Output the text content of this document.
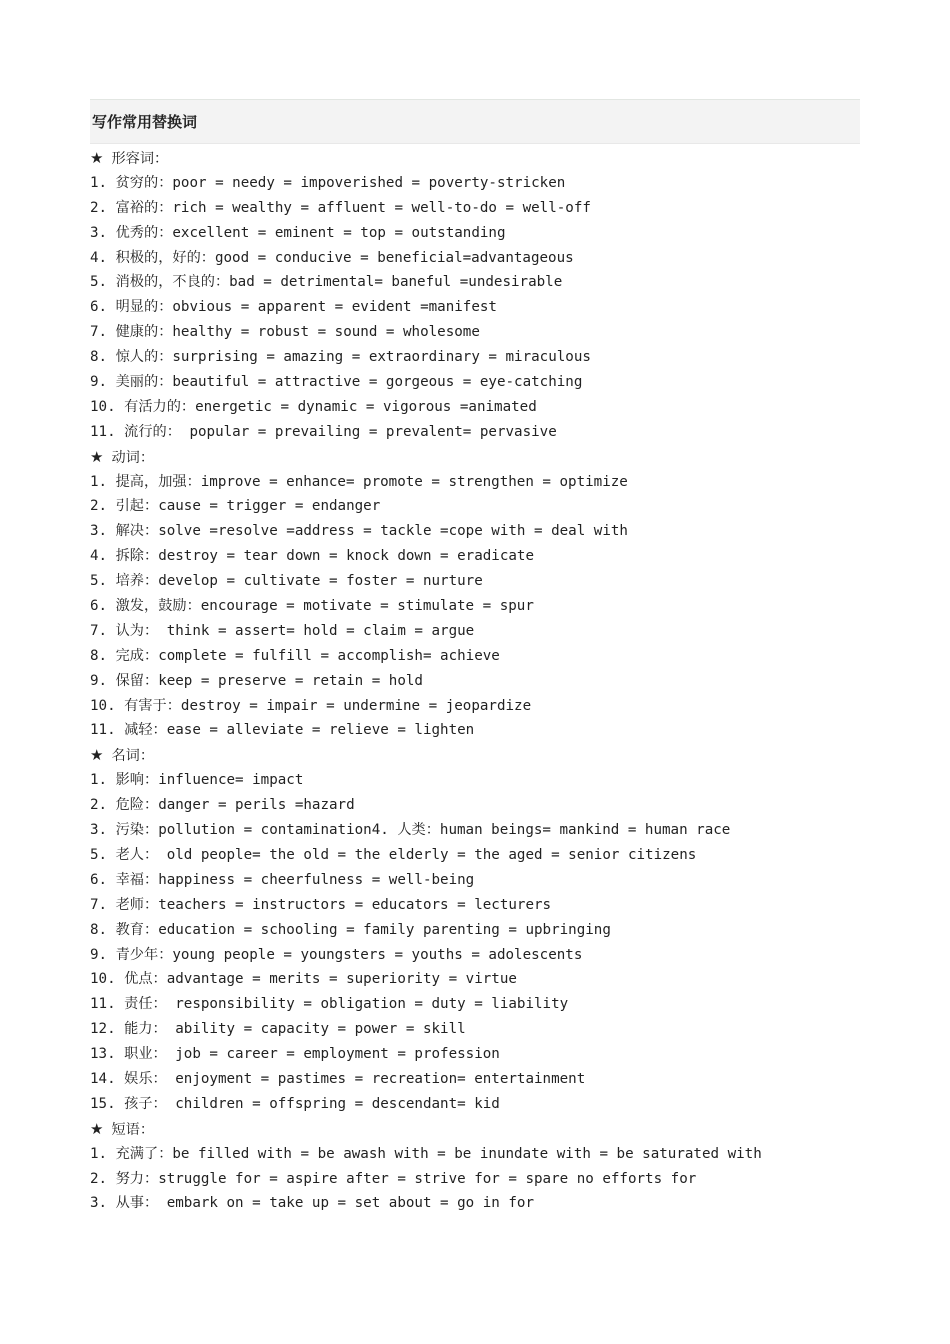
写作常用替换词
★ 形容词：
1. 贫穷的：poor = needy = impoverished = poverty-stricken
2. 富裕的：rich = wealthy = affluent = well-to-do = well-off
3. 优秀的：excellent = eminent = top = outstanding
4. 积极的，好的：good = conducive = beneficial=advantageous
5. 消极的，不良的：bad = detrimental= baneful =undesirable
6. 明显的：obvious = apparent = evident =manifest
7. 健康的：healthy = robust = sound = wholesome
8. 惊人的：surprising = amazing = extraordinary = miraculous
9. 美丽的：beautiful = attractive = gorgeous = eye-catching
10. 有活力的：energetic = dynamic = vigorous =animated
11. 流行的： popular = prevailing = prevalent= pervasive
★ 动词：
1. 提高，加强：improve = enhance= promote = strengthen = optimize
2. 引起：cause = trigger = endanger
3. 解决：solve =resolve =address = tackle =cope with = deal with
4. 拆除：destroy = tear down = knock down = eradicate
5. 培养：develop = cultivate = foster = nurture
6. 激发，鼓励：encourage = motivate = stimulate = spur
7. 认为： think = assert= hold = claim = argue
8. 完成：complete = fulfill = accomplish= achieve
9. 保留：keep = preserve = retain = hold
10. 有害于：destroy = impair = undermine = jeopardize
11. 减轻：ease = alleviate = relieve = lighten
★ 名词：
1. 影响：influence= impact
2. 危险：danger = perils =hazard
3. 污染：pollution = contamination4. 人类：human beings= mankind = human race
5. 老人： old people= the old = the elderly = the aged = senior citizens
6. 幸福：happiness = cheerfulness = well-being
7. 老师：teachers = instructors = educators = lecturers
8. 教育：education = schooling = family parenting = upbringing
9. 青少年：young people = youngsters = youths = adolescents
10. 优点：advantage = merits = superiority = virtue
11. 责任： responsibility = obligation = duty = liability
12. 能力： ability = capacity = power = skill
13. 职业： job = career = employment = profession
14. 娱乐： enjoyment = pastimes = recreation= entertainment
15. 孩子： children = offspring = descendant= kid
★ 短语：
1. 充满了：be filled with = be awash with = be inundate with = be saturated with
2. 努力：struggle for = aspire after = strive for = spare no efforts for
3. 从事： embark on = take up = set about = go in for
